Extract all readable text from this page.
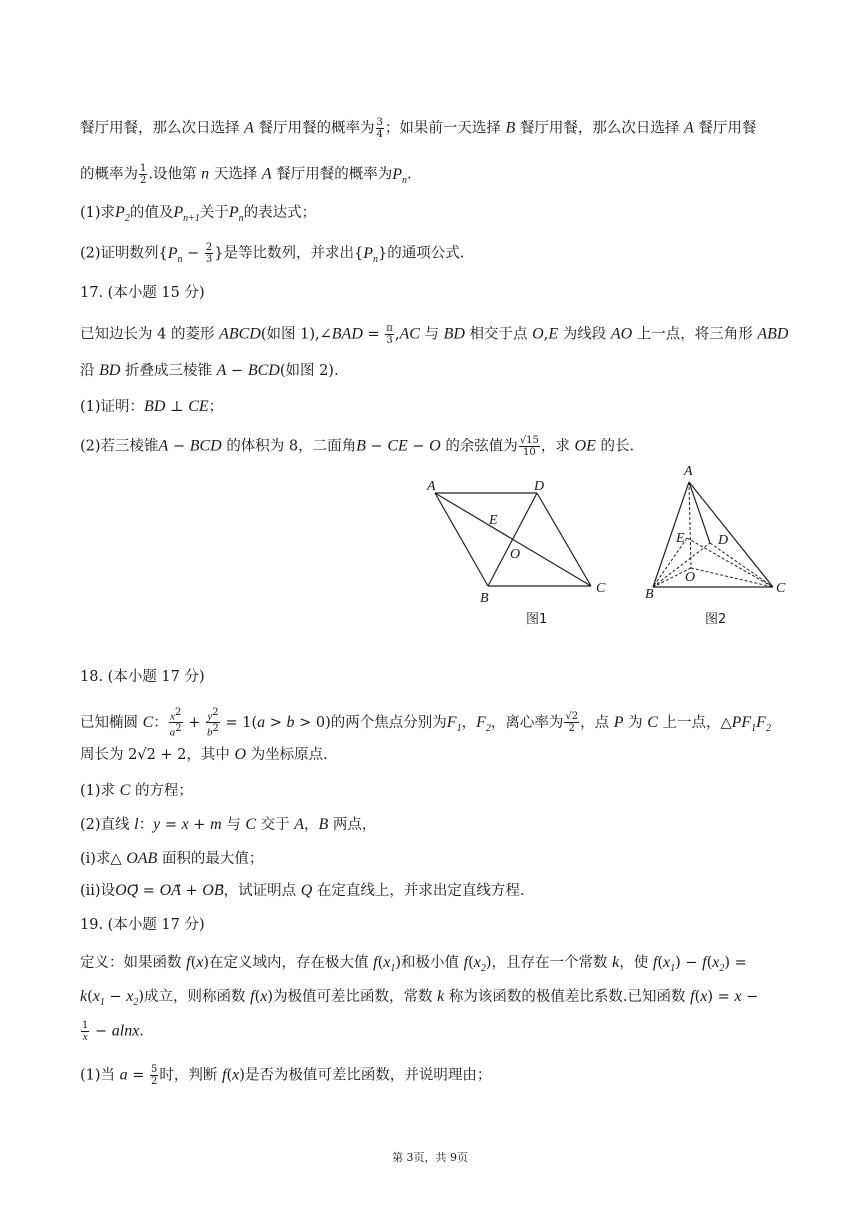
餐厅用餐，那么次日选择 A 餐厅用餐的概率为 $\frac{3}{4}$ ；如果前一天选择 B 餐厅用餐，那么次日选择 A 餐厅用餐
的概率为 $\frac{1}{2}$ .设他第 n 天选择 A 餐厅用餐的概率为$P_n$.
(1)求$P_2$的值及$P_{n+1}$关于$P_n$的表达式；
(2)证明数列{$P_n - \frac{2}{3}$ }是等比数列，并求出$\{P_n\}$的通项公式.
17. (本小题 15 分)
已知边长为 4 的菱形 ABCD(如图 1),∠BAD = $\frac{\pi}{3} ,AC$ 与 BD 相交于点 O,E 为线段 AO 上一点，将三角形 ABD
沿 BD 折叠成三棱锥 A − BCD(如图 2).
(1)证明：BD ⊥ CE；
(2)若三棱锥A − BCD 的体积为 8，二面角B − CE − O 的余弦值为 $\frac{√15}{10}$ ，求 OE 的长.
A	D
E
O
B
C
图1
A
E D
O
B	C
图2
18. (本小题 17 分)
已知椭圆 C： $\frac{x^2}{a^2} + \frac{y^2}{b^2} = 1(a > b > 0)$的两个焦点分别为$F_1$，$F_2$，离心率为 $\frac{√2}{2}$ ，点 P 为 C 上一点，$\triangle PF_1F_2$
周长为 2√2 + 2，其中 O 为坐标原点.
(1)求 C 的方程；
(2)直线 l：y = x + m 与 C 交于 A，B 两点，
(i)求△ OAB 面积的最大值；
(ii)设OQ⃗ = OA⃗ + OB，试证明点 Q 在定直线上，并求出定直线方程.
19. (本小题 17 分)
定义：如果函数 f(x)在定义域内，存在极大值 $f(x_1)$和极小值 $f(x_2)$，且存在一个常数 k，使 $f(x_1) - f(x_2)$ =
$k(x_1 - x_2)$成立，则称函数 f(x)为极值可差比函数，常数 k 称为该函数的极值差比系数.已知函数 f(x) = x −
$\frac{1}{x} - alnx$.
(1)当 $a = \frac{5}{2}$ 时，判断 f(x)是否为极值可差比函数，并说明理由；
第 3页，共 9页
